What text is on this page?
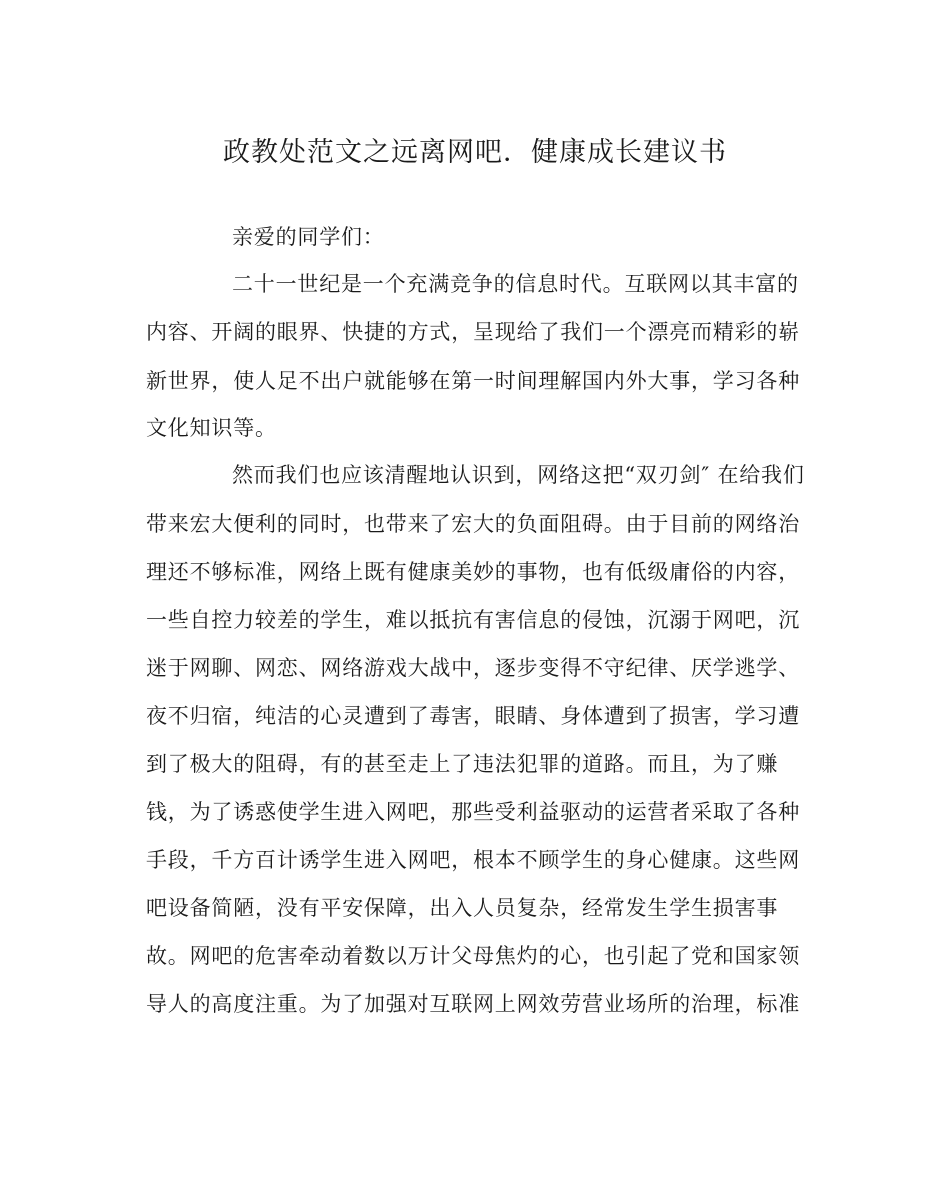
政教处范文之远离网吧．健康成长建议书
亲爱的同学们：
二十一世纪是一个充满竞争的信息时代。互联网以其丰富的
内容、开阔的眼界、快捷的方式，呈现给了我们一个漂亮而精彩的崭
新世界，使人足不出户就能够在第一时间理解国内外大事，学习各种
文化知识等。
然而我们也应该清醒地认识到，网络这把“双刃剑″ 在给我们
带来宏大便利的同时，也带来了宏大的负面阻碍。由于目前的网络治
理还不够标准，网络上既有健康美妙的事物，也有低级庸俗的内容，
一些自控力较差的学生，难以抵抗有害信息的侵蚀，沉溺于网吧，沉
迷于网聊、网恋、网络游戏大战中，逐步变得不守纪律、厌学逃学、
夜不归宿，纯洁的心灵遭到了毒害，眼睛、身体遭到了损害，学习遭
到了极大的阻碍，有的甚至走上了违法犯罪的道路。而且，为了赚
钱，为了诱惑使学生进入网吧，那些受利益驱动的运营者采取了各种
手段，千方百计诱学生进入网吧，根本不顾学生的身心健康。这些网
吧设备简陋，没有平安保障，出入人员复杂，经常发生学生损害事
故。网吧的危害牵动着数以万计父母焦灼的心，也引起了党和国家领
导人的高度注重。为了加强对互联网上网效劳营业场所的治理，标准
